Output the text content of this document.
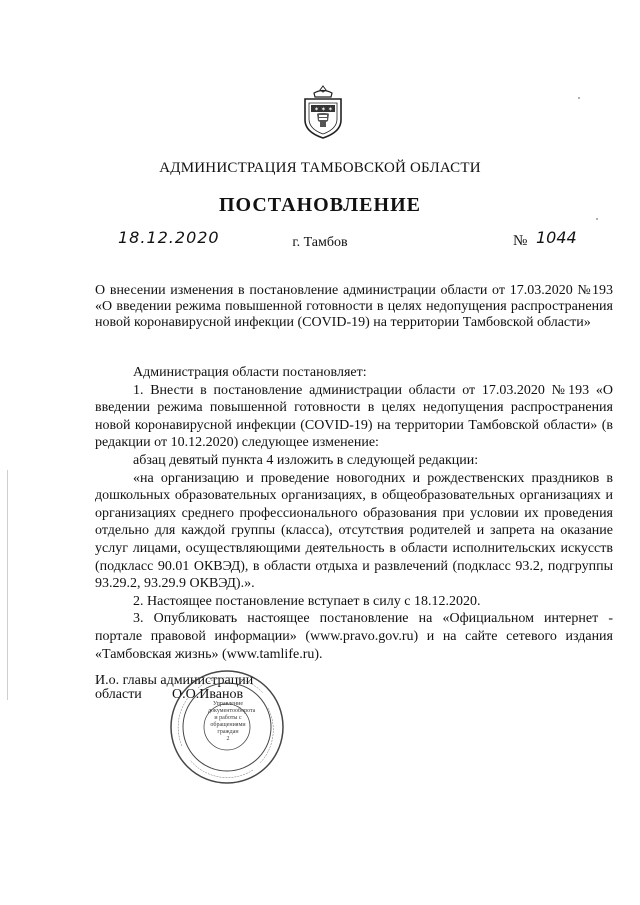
✶ ✶ ✶
АДМИНИСТРАЦИЯ ТАМБОВСКОЙ ОБЛАСТИ
ПОСТАНОВЛЕНИЕ
18.12.2020	г. Тамбов	№ 1044
О внесении изменения в постановление администрации области от 17.03.2020 №193 «О введении режима повышенной готовности в целях недопущения распространения новой коронавирусной инфекции (COVID-19) на территории Тамбовской области»

Администрация области постановляет:

1. Внести в постановление администрации области от 17.03.2020 №193 «О введении режима повышенной готовности в целях недопущения распространения новой коронавирусной инфекции (COVID-19) на территории Тамбовской области» (в редакции от 10.12.2020) следующее изменение:

абзац девятый пункта 4 изложить в следующей редакции:

«на организацию и проведение новогодних и рождественских праздников в дошкольных образовательных организациях, в общеобразовательных организациях и организациях среднего профессионального образования при условии их проведения отдельно для каждой группы (класса), отсутствия родителей и запрета на оказание услуг лицами, осуществляющими деятельность в области исполнительских искусств (подкласс 90.01 ОКВЭД), в области отдыха и развлечений (подкласс 93.2, подгруппы 93.29.2, 93.29.9 ОКВЭД).».

2. Настоящее постановление вступает в силу с 18.12.2020.

3. Опубликовать настоящее постановление на «Официальном интернет - портале правовой информации» (www.pravo.gov.ru) и на сайте сетевого издания «Тамбовская жизнь» (www.tamlife.ru).

И.о. главы администрации
области О.О.Иванов
Управление документооборота и работы с обращениями граждан
2
